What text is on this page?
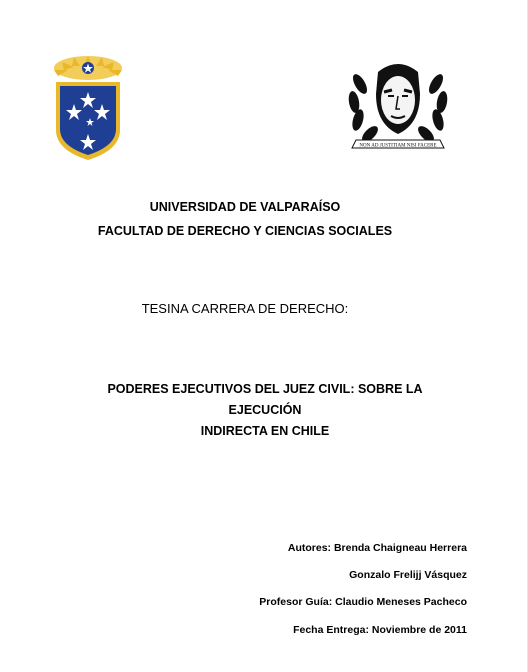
NON AD JUSTITIAM NISI FACERE
UNIVERSIDAD DE VALPARAÍSO
FACULTAD DE DERECHO Y CIENCIAS SOCIALES
TESINA CARRERA DE DERECHO:
PODERES EJECUTIVOS DEL JUEZ CIVIL: SOBRE LA EJECUCIÓN
INDIRECTA EN CHILE
Autores: Brenda Chaigneau Herrera
Gonzalo Frelijj Vásquez
Profesor Guía: Claudio Meneses Pacheco
Fecha Entrega: Noviembre de 2011
